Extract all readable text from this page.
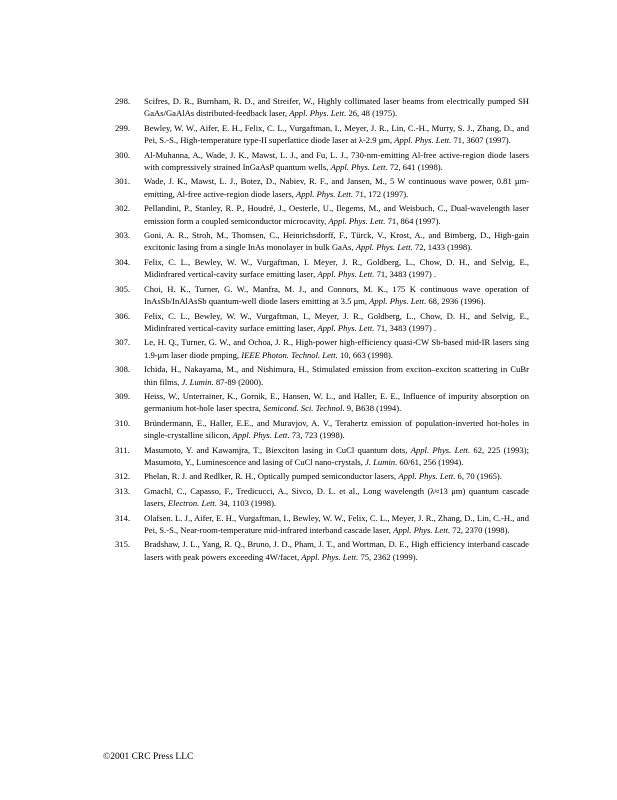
298. Scifres, D. R., Burnham, R. D., and Streifer, W., Highly collimated laser beams from electrically pumped SH GaAs/GaAlAs distributed-feedback laser, Appl. Phys. Lett. 26, 48 (1975).
299. Bewley, W. W., Aifer, E. H., Felix, C. L., Vurgaftman, I., Meyer, J. R., Lin, C.-H., Murry, S. J., Zhang, D., and Pei, S.-S., High-temperature type-II superlattice diode laser at λ-2.9 μm, Appl. Phys. Lett. 71, 3607 (1997).
300. Al-Muhanna, A., Wade, J. K., Mawst, L. J., and Fu, L. J., 730-nm-emitting Al-free active-region diode lasers with compressively strained InGaAsP quantum wells, Appl. Phys. Lett. 72, 641 (1998).
301. Wade, J. K., Mawst, L. J., Botez, D., Nabiev, R. F., and Jansen, M., 5 W continuous wave power, 0.81 μm-emitting, Al-free active-region diode lasers, Appl. Phys. Lett. 71, 172 (1997).
302. Pellandini, P., Stanley, R. P., Houdré, J., Oesterle, U., Ilegems, M., and Weisbuch, C., Dual-wavelength laser emission form a coupled semiconductor microcavity, Appl. Phys. Lett. 71, 864 (1997).
303. Goni, A. R., Stroh, M., Thomsen, C., Heinrichsdorff, F., Türck, V., Krost, A., and Bimberg, D., High-gain excitonic lasing from a single InAs monolayer in bulk GaAs, Appl. Phys. Lett. 72, 1433 (1998).
304. Felix, C. L., Bewley, W. W., Vurgaftman, I. Meyer, J. R., Goldberg, L., Chow, D. H., and Selvig, E., Midinfrared vertical-cavity surface emitting laser, Appl. Phys. Lett. 71, 3483 (1997) .
305. Choi, H. K., Turner, G. W., Manfra, M. J., and Connors, M. K., 175 K continuous wave operation of InAsSb/InAlAsSb quantum-well diode lasers emitting at 3.5 μm, Appl. Phys. Lett. 68, 2936 (1996).
306. Felix, C. L., Bewley, W. W., Vurgaftman, I., Meyer, J. R., Goldberg, L., Chow, D. H., and Selvig, E., Midinfrared vertical-cavity surface emitting laser, Appl. Phys. Lett. 71, 3483 (1997) .
307. Le, H. Q., Turner, G. W., and Ochoa, J. R., High-power high-efficiency quasi-CW Sb-based mid-IR lasers sing 1.9-μm laser diode pmping, IEEE Photon. Technol. Lett. 10, 663 (1998).
308. Ichida, H., Nakayama, M., and Nishimura, H., Stimulated emission from exciton–exciton scattering in CuBr thin films, J. Lumin. 87-89 (2000).
309. Heiss, W., Unterrainer, K., Gornik, E., Hansen, W. L., and Haller, E. E., Influence of impurity absorption on germanium hot-hole laser spectra, Semicond. Sci. Technol. 9, B638 (1994).
310. Bründermann, E., Haller, E.E., and Muravjov, A. V., Terahertz emission of population-inverted hot-holes in single-crystalline silicon, Appl. Phys. Lett. 73, 723 (1998).
311. Masumoto, Y. and Kawamjra, T., Biexciton lasing in CuCl quantum dots, Appl. Phys. Lett. 62, 225 (1993); Masumoto, Y., Luminescence and lasing of CuCl nano-crystals, J. Lumin. 60/61, 256 (1994).
312. Phelan, R. J. and Redlker, R. H., Optically pumped semiconductor lasers, Appl. Phys. Lett. 6, 70 (1965).
313. Gmachl, C., Capasso, F., Tredicucci, A., Sivco, D. L. et al., Long wavelength (λ≈13 μm) quantum cascade lasers, Electron. Lett. 34, 1103 (1998).
314. Olafsen. L. J., Aifer, E. H., Vurgaftman, I., Bewley, W. W., Felix, C. L., Meyer, J. R., Zhang, D., Lin, C.-H., and Pei, S.-S., Near-room-temperature mid-infrared interband cascade laser, Appl. Phys. Lett. 72, 2370 (1998).
315. Bradshaw, J. L., Yang, R. Q., Bruno, J. D., Pham, J. T., and Wortman, D. E., High efficiency interband cascade lasers with peak powers exceeding 4W/facet, Appl. Phys. Lett. 75, 2362 (1999).
©2001 CRC Press LLC
